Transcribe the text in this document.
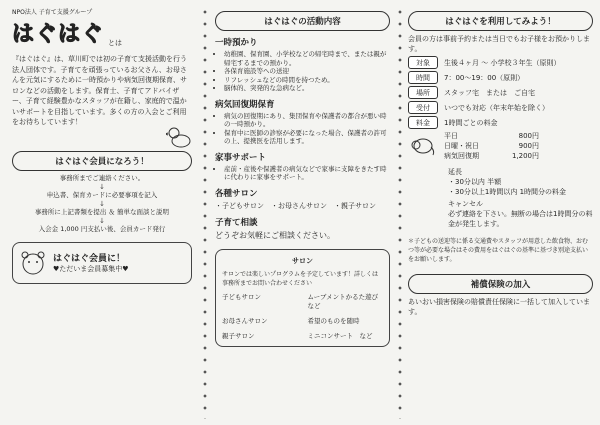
NPO法人 子育て支援グループ
はぐはぐ とは

『はぐはぐ』は、草川町では初の子育て支援活動を行う法人団体です。子育てを頑張っているお父さん、お母さんを元気にするために一時預かりや病気回復期保育、サロンなどの活動をします。保育士、子育てアドバイザー、子育て経験豊かなスタッフが在籍し、家庭的で温かいサポートを目指しています。多くの方の入会とご利用をお待ちしています！

はぐはぐ会員になろう！
事務所までご連絡ください。
↓
申込書、保育カードに必要事項を記入
↓
事務所に上記書類を提出 ＆ 簡単な面談と説明
↓
入会金 1,000 円支払い後、会員カード発行
はぐはぐ会員に！
♥ただいま会員募集中♥
はぐはぐの活動内容
一時預かり
• 幼稚園、保育園、小学校などの帰宅時まで、または親が帰宅するまでの預かり。
• 各保育施設等への送迎
• リフレッシュなどの時間を持つため。
• 脳体的、突発的な急病など。
病気回復期保育
• 病気の回復期にあり、集団保育や保護者の都合が悪い時の一時預かり。
• 保育中に医師の診察が必要になった場合、保護者の許可の上、提携医を活用します。
家事サポート
• 産前・産後や保護者の病気などで家事に支障をきたす時に代わりに家事をサポート。
各種サロン
・子どもサロン　・お母さんサロン　・親子サロン
子育て相談
どうぞお気軽にご相談ください。
サロン
サロンでは楽しいプログラムを予定しています！詳しくは事務所までお問い合わせください
子どもサロン	ムーブメントかるた遊び　など
お母さんサロン	希望のものを随時
親子サロン	ミニコンサート　など
はぐはぐを利用してみよう！

会員の方は事前予約または当日でもお子様をお預かりします。

対象	生後４ヶ月 〜 小学校３年生（原則）
時間	7：00〜19：00（原則）
場所	スタッフ宅　または　ご自宅
受付	いつでも対応（年末年始を除く）
料金	1時間ごとの料金
平日	800円
日曜・祝日	900円
病気回復期	1,200円
延長
・30分以内 半額
・30分以上1時間以内 1時間分の料金
キャンセル
必ず連絡を下さい。無断の場合は1時間分の料金が発生します。

＊子どもの送迎等に係る交通費やスタッフが用意した飲食物、おむつ等が必要な場合はその費用をはぐはぐの基準に基づき別途支払いをお願いします。

補償保険の加入

あいおい損害保険の賠償責任保険に一括して加入しています。
